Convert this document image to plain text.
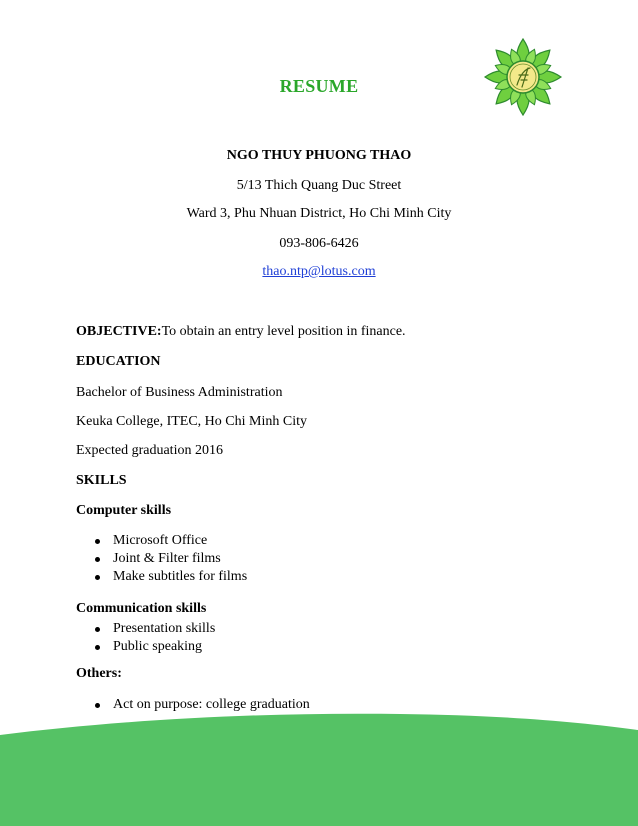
RESUME
NGO THUY PHUONG THAO
5/13 Thich Quang Duc Street
Ward 3, Phu Nhuan District, Ho Chi Minh City
093-806-6426
thao.ntp@lotus.com
OBJECTIVE:To obtain an entry level position in finance.
EDUCATION
Bachelor of Business Administration
Keuka College, ITEC, Ho Chi Minh City
Expected graduation 2016
SKILLS
Computer skills
Microsoft Office
Joint & Filter films
Make subtitles for films
Communication skills
Presentation skills
Public speaking
Others:
Act on purpose: college graduation
